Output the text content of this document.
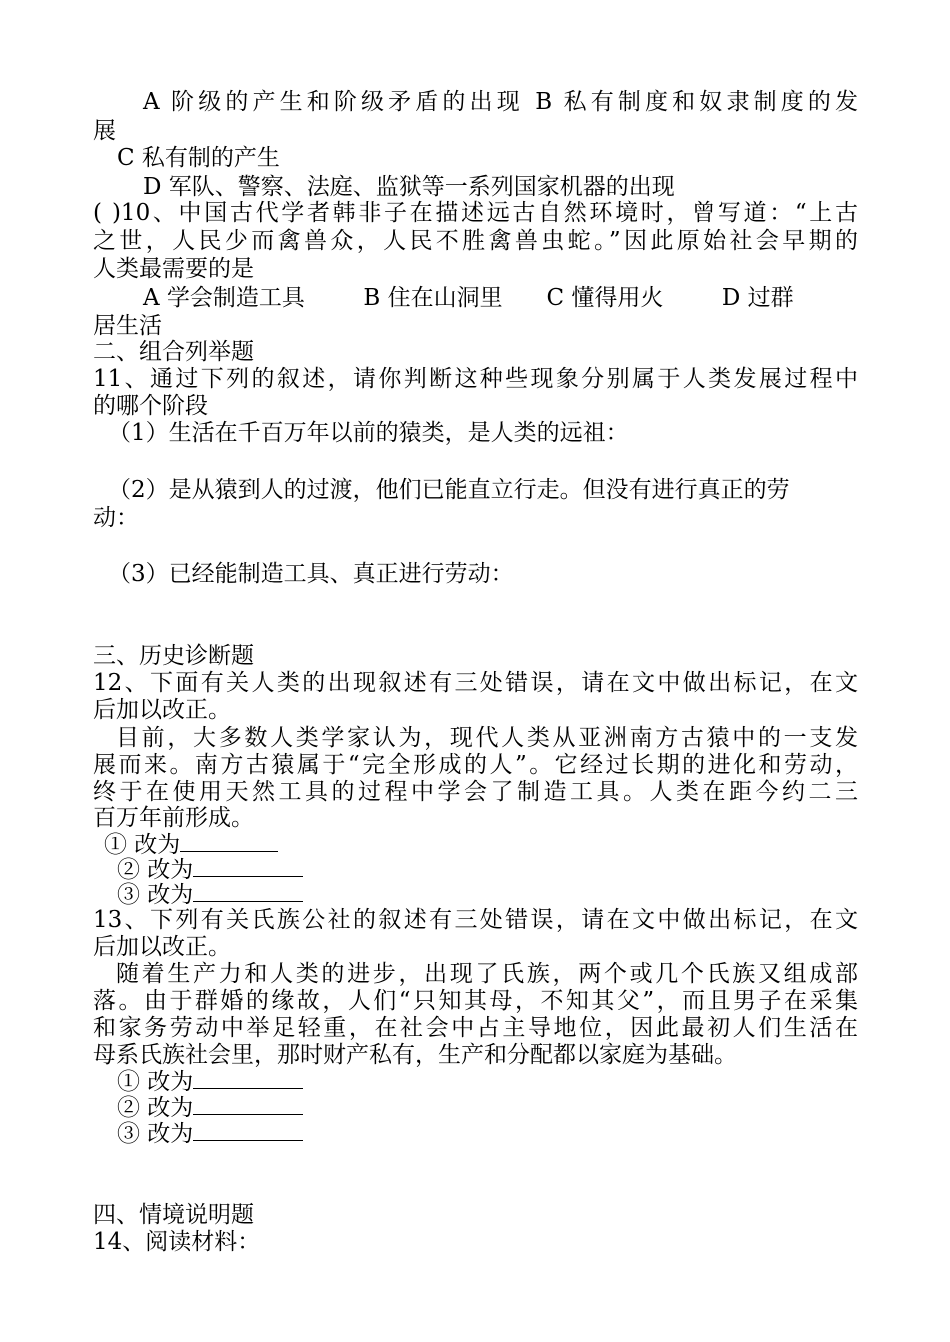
A 阶级的产生和阶级矛盾的出现 B 私有制度和奴隶制度的发
展
C 私有制的产生
D 军队、警察、法庭、监狱等一系列国家机器的出现
( )10、中国古代学者韩非子在描述远古自然环境时，曾写道：“上古
之世，人民少而禽兽众，人民不胜禽兽虫蛇。”因此原始社会早期的
人类最需要的是
A 学会制造工具        B 住在山洞里      C 懂得用火        D 过群
居生活
二、组合列举题
11、通过下列的叙述，请你判断这种些现象分别属于人类发展过程中
的哪个阶段
（1）生活在千百万年以前的猿类，是人类的远祖：
（2）是从猿到人的过渡，他们已能直立行走。但没有进行真正的劳
动：
（3）已经能制造工具、真正进行劳动：
三、历史诊断题
12、下面有关人类的出现叙述有三处错误，请在文中做出标记，在文
后加以改正。
目前，大多数人类学家认为，现代人类从亚洲南方古猿中的一支发
展而来。南方古猿属于“完全形成的人”。它经过长期的进化和劳动，
终于在使用天然工具的过程中学会了制造工具。人类在距今约二三
百万年前形成。
① 改为
② 改为
③ 改为
13、下列有关氏族公社的叙述有三处错误，请在文中做出标记，在文
后加以改正。
随着生产力和人类的进步，出现了氏族，两个或几个氏族又组成部
落。由于群婚的缘故，人们“只知其母，不知其父”，而且男子在采集
和家务劳动中举足轻重，在社会中占主导地位，因此最初人们生活在
母系氏族社会里，那时财产私有，生产和分配都以家庭为基础。
① 改为
② 改为
③ 改为
四、情境说明题
14、阅读材料：
